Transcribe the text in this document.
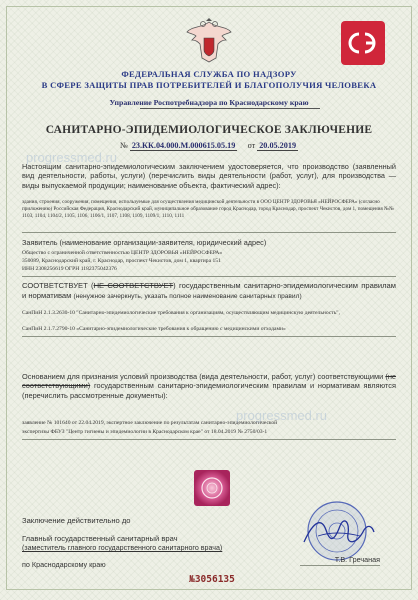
ФЕДЕРАЛЬНАЯ СЛУЖБА ПО НАДЗОРУ
В СФЕРЕ ЗАЩИТЫ ПРАВ ПОТРЕБИТЕЛЕЙ И БЛАГОПОЛУЧИЯ ЧЕЛОВЕКА
Управление Роспотребнадзора по Краснодарскому краю
САНИТАРНО-ЭПИДЕМИОЛОГИЧЕСКОЕ ЗАКЛЮЧЕНИЕ
№ 23.КК.04.000.М.000615.05.19 от 20.05.2019
Настоящим санитарно-эпидемиологическим заключением удостоверяется, что производство (заявленный вид деятельности, работы, услуги) (перечислить виды деятельности (работ, услуг), для производства — виды выпускаемой продукции; наименование объекта, фактический адрес):
здания, строения, сооружения, помещения, используемые для осуществления медицинской деятельности в ООО ЦЕНТР ЗДОРОВЬЯ «НЕЙРОСФЕРА» (согласно приложению) Российская Федерация, Краснодарский край, муниципальное образование город Краснодар, город Краснодар, проспект Чекистов, дом 1, помещения №№ 1103, 1104, 1104/2, 1105, 1106, 1106/1, 1107, 1108, 1109, 1109/1, 1110, 1111
Заявитель (наименование организации-заявителя, юридический адрес)
Общество с ограниченной ответственностью ЦЕНТР ЗДОРОВЬЯ «НЕЙРОСФЕРА»
350089, Краснодарский край, г. Краснодар, проспект Чекистов, дом 1, квартира 151
ИНН 2308256619 ОГРН 1182375042376
СООТВЕТСТВУЕТ (НЕ СООТВЕТСТВУЕТ) государственным санитарно-эпидемиологическим правилам и нормативам (ненужное зачеркнуть, указать полное наименование санитарных правил)
СанПиН 2.1.3.2630-10 "Санитарно-эпидемиологические требования к организациям, осуществляющим медицинскую деятельность",
СанПиН 2.1.7.2790-10 «Санитарно-эпидемиологические требования к обращению с медицинскими отходами»
Основанием для признания условий производства (вида деятельности, работ, услуг) соответствующими (не соответствующими) государственным санитарно-эпидемиологическим правилам и нормативам являются (перечислить рассмотренные документы):
заявление № 101640 от 22.04.2019, экспертное заключение по результатам санитарно-эпидемиологической
экспертизы ФБУЗ "Центр гигиены и эпидемиологии в Краснодарском крае" от 18.04.2019 № 2750/03-1
Заключение действительно до
Главный государственный санитарный врач
(заместитель главного государственного санитарного врача)
по Краснодарскому краю
Т.В. Гречаная
№3056135
progressmed.ru
progressmed.ru
